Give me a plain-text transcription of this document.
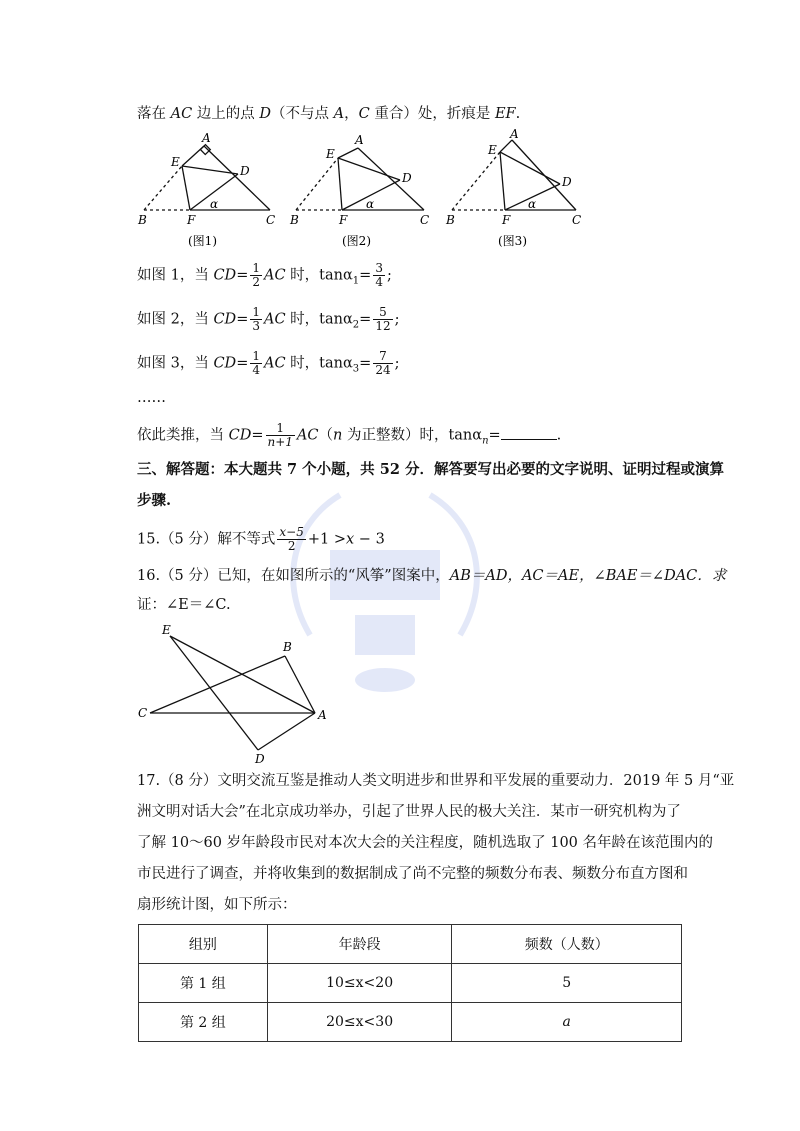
落在 AC 边上的点 D（不与点 A，C 重合）处，折痕是 EF.
A
E
D
B	F	C
α
(图1)
A
E
D
B	F	C
α
(图2)
A
E
D
B	F	C
α
(图3)
如图 1，当 $CD= \frac{1}{2}$ AC 时，$\tan\alpha_1= \frac{3}{4}$ ;
如图 2，当 $CD= \frac{1}{3}$ AC 时，$\tan\alpha_2= \frac{5}{12}$ ;
如图 3，当 $CD= \frac{1}{4}$ AC 时，$\tan\alpha_3= \frac{7}{24}$ ;
……
依此类推，当 $CD= \frac{1}{n+1} AC(n$ 为正整数）时，tanα$_n$=	.
三、解答题：本大题共 7 个小题，共 52 分．解答要写出必要的文字说明、证明过程或演算
步骤.
15.（5 分）解不等式 $\frac{x-5}{2} +1 >x - 3$
16.（5 分）已知，在如图所示的“风筝”图案中，AB＝AD，AC＝AE，∠BAE＝∠DAC．求
证：∠E＝∠C.
E
B
C	A
D
17.（8 分）文明交流互鉴是推动人类文明进步和世界和平发展的重要动力．2019 年 5 月“亚
洲文明对话大会”在北京成功举办，引起了世界人民的极大关注．某市一研究机构为了
了解 10～60 岁年龄段市民对本次大会的关注程度，随机选取了 100 名年龄在该范围内的
市民进行了调查，并将收集到的数据制成了尚不完整的频数分布表、频数分布直方图和
扇形统计图，如下所示：
组别	年龄段	频数（人数）
第 1 组	10≤x<20	5
第 2 组	20≤x<30	a
